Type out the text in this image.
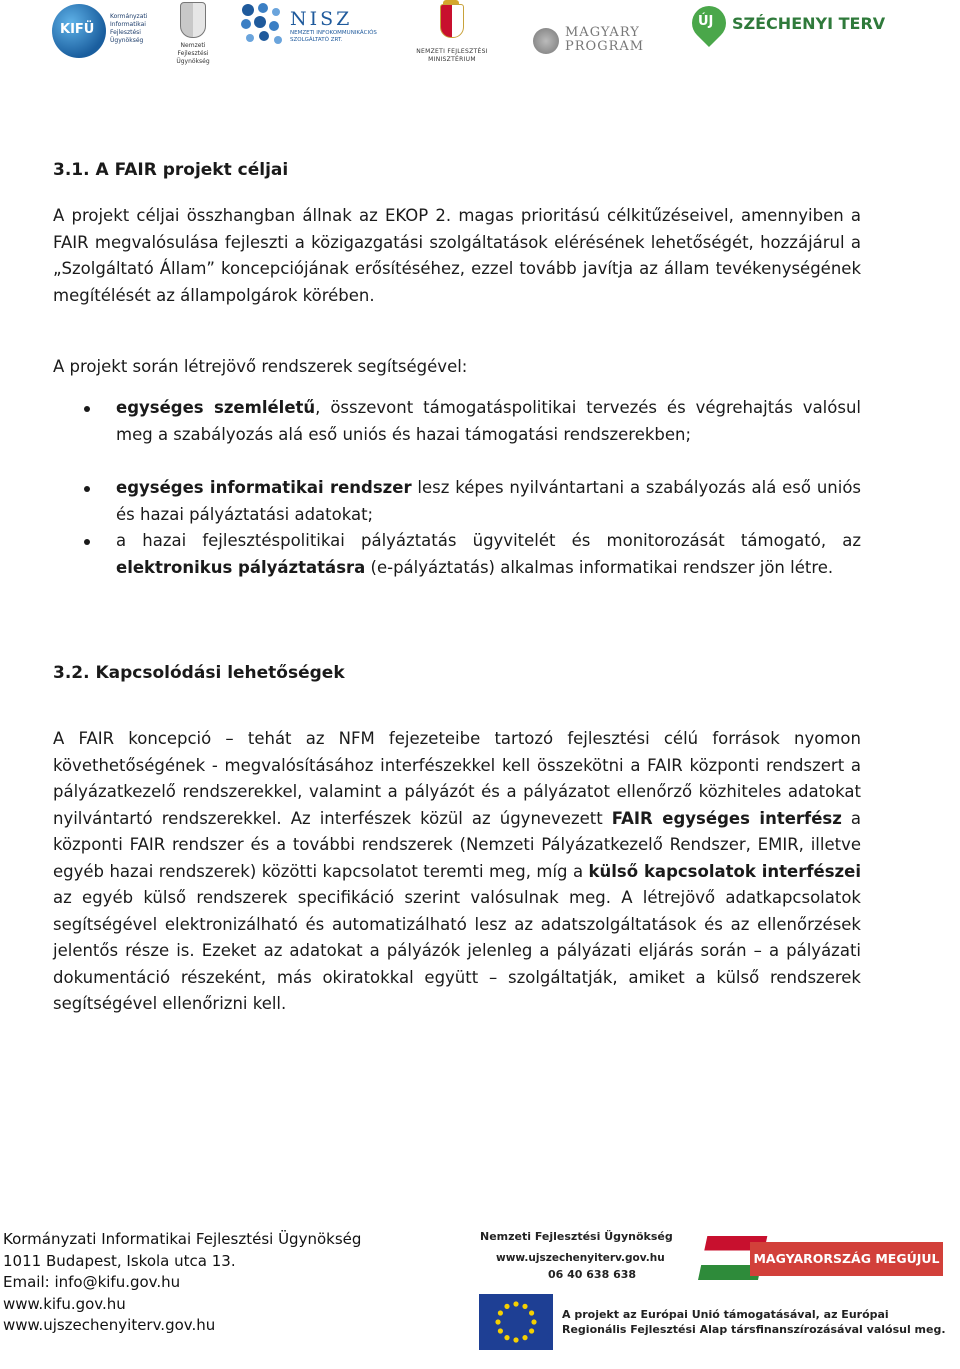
KIFÜ
Kormányzati
Informatikai
Fejlesztési
Ügynökség
Nemzeti
Fejlesztési Ügynökség
NISZ
NEMZETI INFOKOMMUNIKÁCIÓS
SZOLGÁLTATÓ ZRT.
NEMZETI FEJLESZTÉSI
MINISZTÉRIUM
MAGYARY
PROGRAM
ÚJ SZÉCHENYI TERV
3.1. A FAIR projekt céljai

A projekt céljai összhangban állnak az EKOP 2. magas prioritású célkitűzéseivel, amennyiben a FAIR megvalósulása fejleszti a közigazgatási szolgáltatások elérésének lehetőségét, hozzájárul a „Szolgáltató Állam” koncepciójának erősítéséhez, ezzel tovább javítja az állam tevékenységének megítélését az állampolgárok körében.

A projekt során létrejövő rendszerek segítségével:

egységes szemléletű, összevont támogatáspolitikai tervezés és végrehajtás valósul meg a szabályozás alá eső uniós és hazai támogatási rendszerekben;
egységes informatikai rendszer lesz képes nyilvántartani a szabályozás alá eső uniós és hazai pályáztatási adatokat;
a hazai fejlesztéspolitikai pályáztatás ügyvitelét és monitorozását támogató, az elektronikus pályáztatásra (e-pályáztatás) alkalmas informatikai rendszer jön létre.
3.2. Kapcsolódási lehetőségek

A FAIR koncepció – tehát az NFM fejezeteibe tartozó fejlesztési célú források nyomon követhetőségének - megvalósításához interfészekkel kell összekötni a FAIR központi rendszert a pályázatkezelő rendszerekkel, valamint a pályázót és a pályázatot ellenőrző közhiteles adatokat nyilvántartó rendszerekkel. Az interfészek közül az úgynevezett FAIR egységes interfész a központi FAIR rendszer és a további rendszerek (Nemzeti Pályázatkezelő Rendszer, EMIR, illetve egyéb hazai rendszerek) közötti kapcsolatot teremti meg, míg a külső kapcsolatok interfészei az egyéb külső rendszerek specifikáció szerint valósulnak meg. A létrejövő adatkapcsolatok segítségével elektronizálható és automatizálható lesz az adatszolgáltatások és az ellenőrzések jelentős része is. Ezeket az adatokat a pályázók jelenleg a pályázati eljárás során – a pályázati dokumentáció részeként, más okiratokkal együtt – szolgáltatják, amiket a külső rendszerek segítségével ellenőrizni kell.

Kormányzati Informatikai Fejlesztési Ügynökség
1011 Budapest, Iskola utca 13.
Email: info@kifu.gov.hu
www.kifu.gov.hu
www.ujszechenyiterv.gov.hu
Nemzeti Fejlesztési Ügynökség
www.ujszechenyiterv.gov.hu
06 40 638 638
MAGYARORSZÁG MEGÚJUL
A projekt az Európai Unió támogatásával, az Európai
Regionális Fejlesztési Alap társfinanszírozásával valósul meg.
